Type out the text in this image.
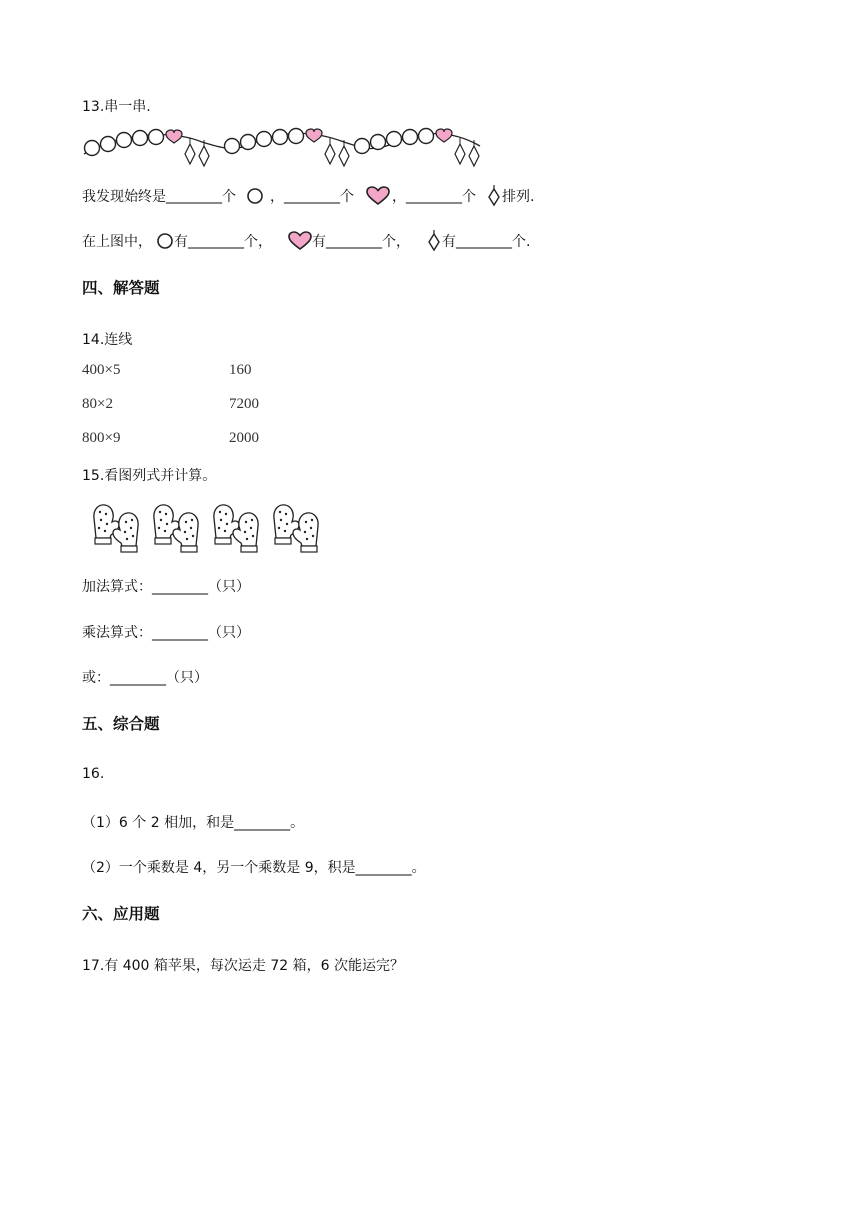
13.串一串.
我发现始终是 ________ 个 ， ________ 个	， ________ 个 排列.
在上图中， 有 ________ 个，	有 ________ 个， 有 ________ 个.
四、解答题
14.连线
400×5
80×2
800×9
160
7200
2000
15.看图列式并计算。
加法算式：________（只）
乘法算式：________（只）
或：________（只）
五、综合题
16.
（1）6 个 2 相加，和是________。
（2）一个乘数是 4，另一个乘数是 9，积是________。
六、应用题
17.有 400 箱苹果，每次运走 72 箱，6 次能运完？
